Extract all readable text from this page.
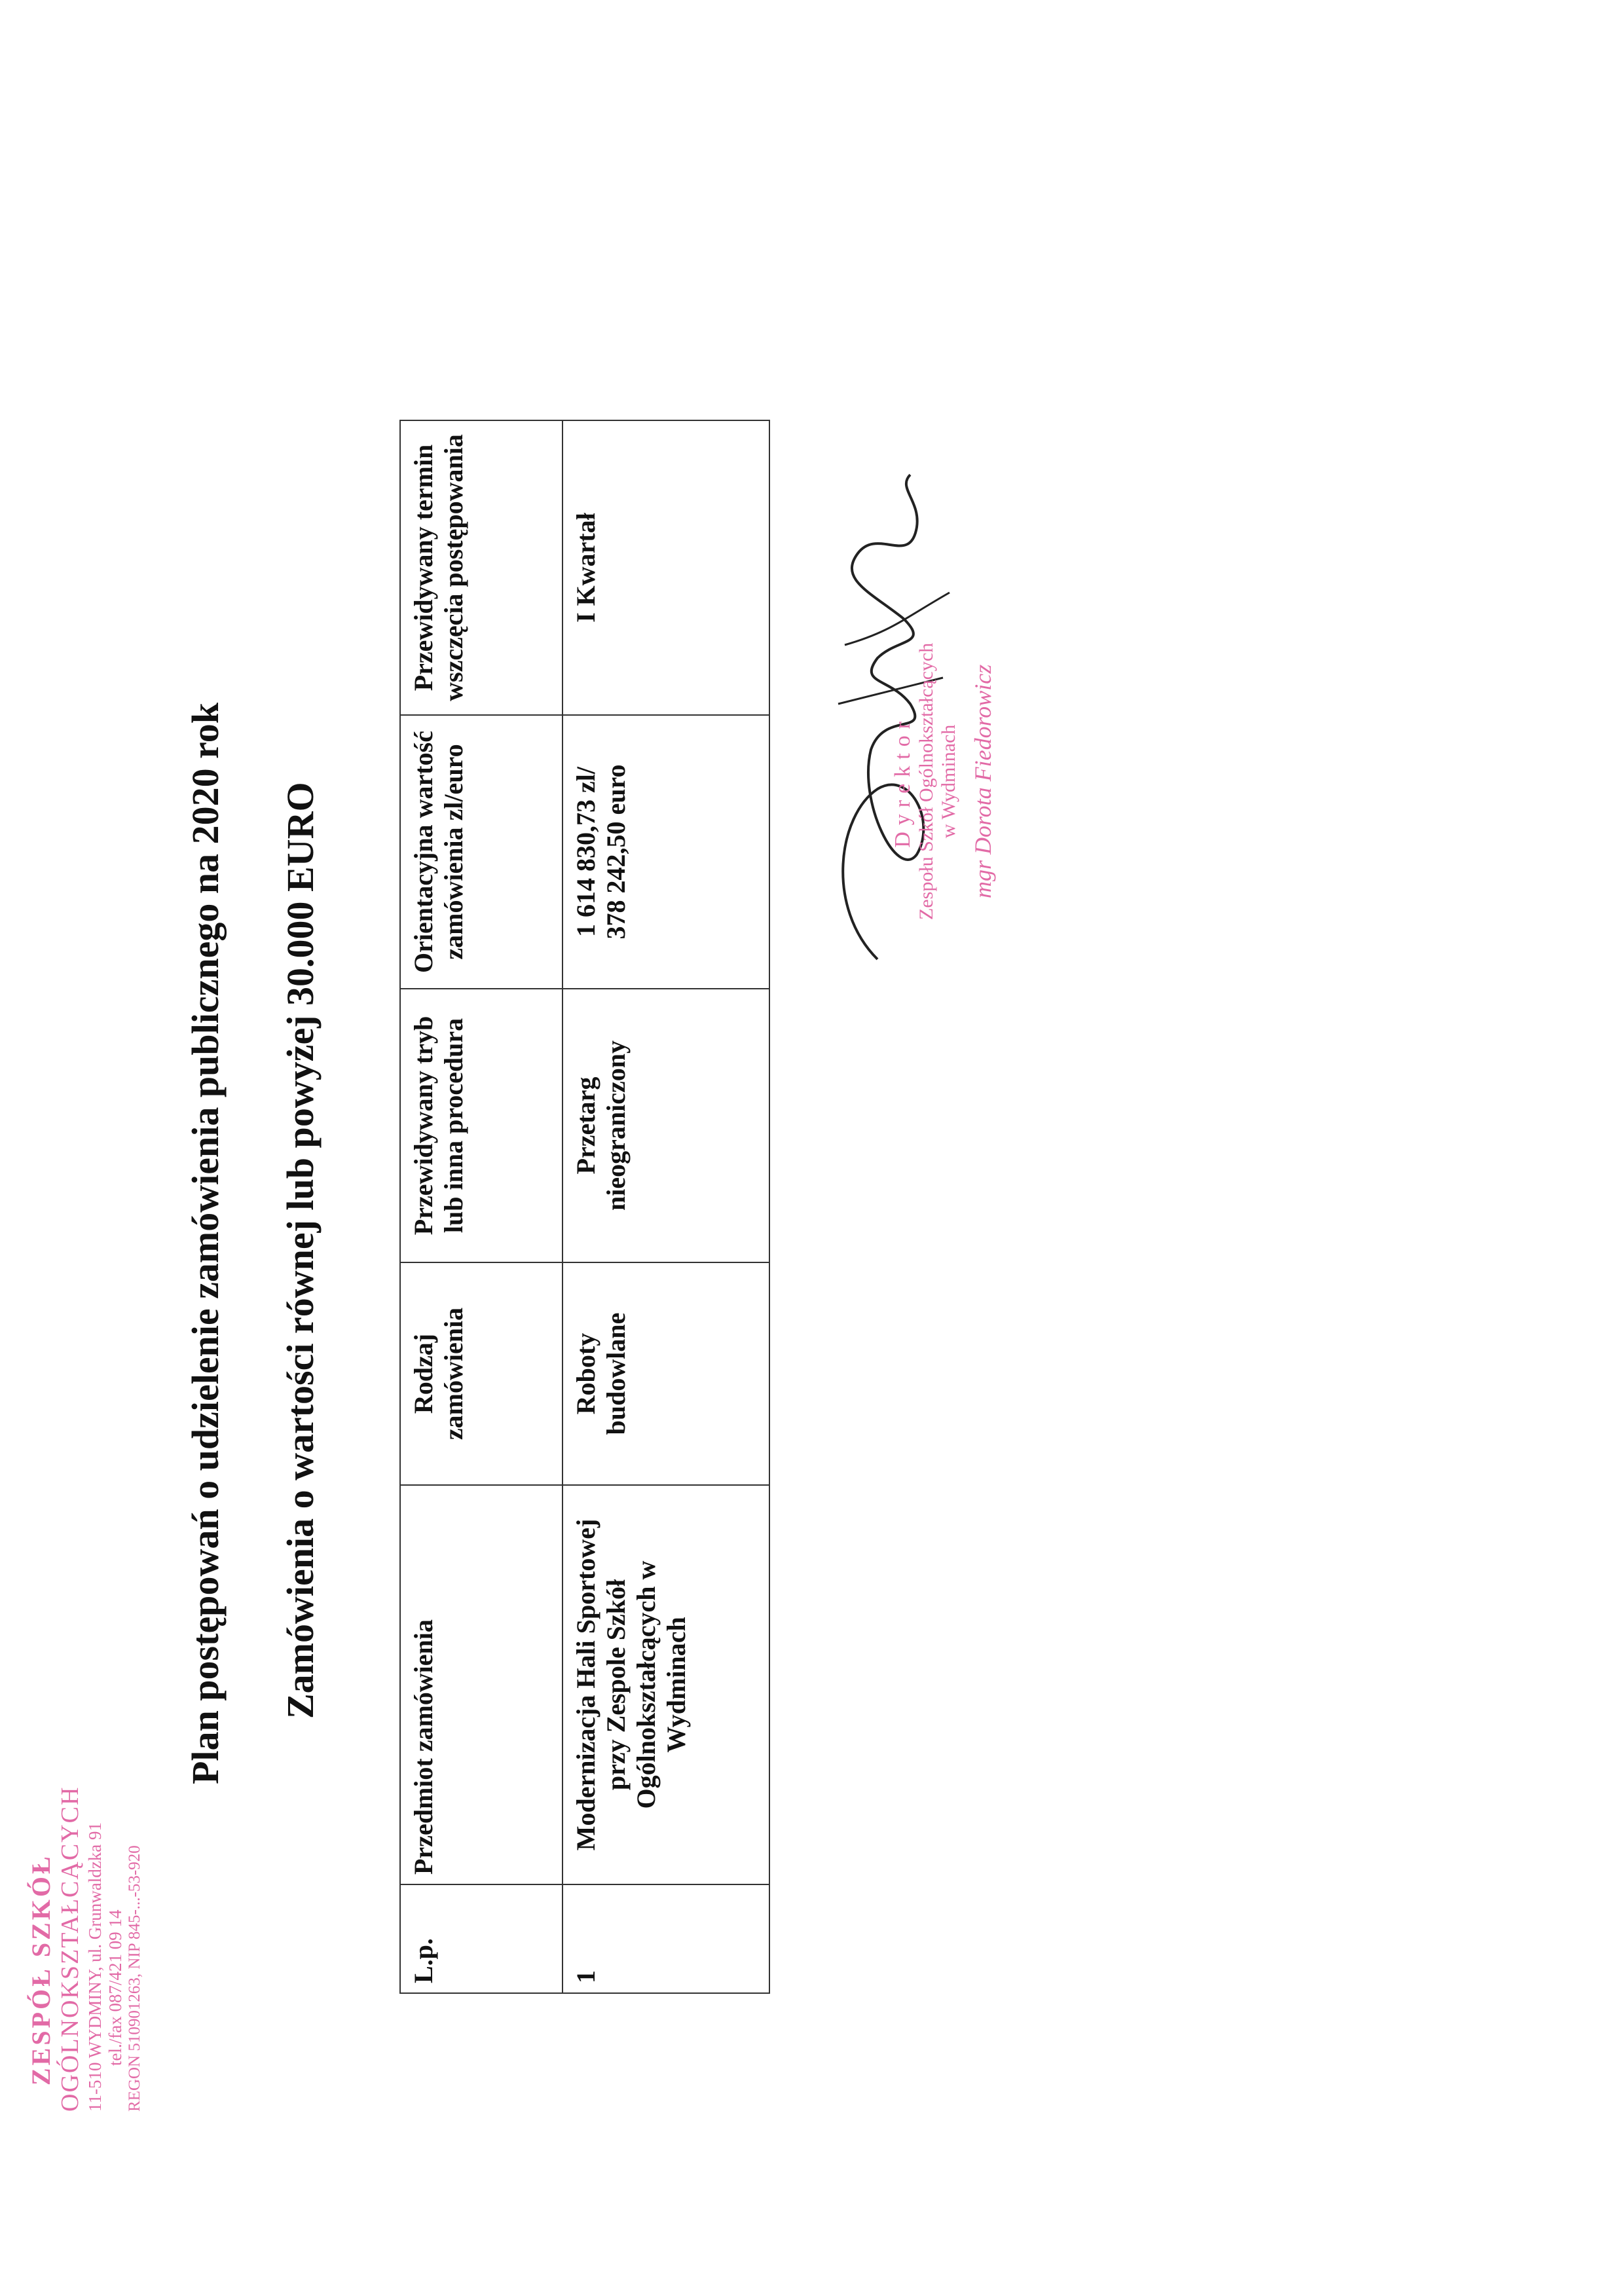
ZESPÓŁ SZKÓŁ OGÓLNOKSZTAŁCĄCYCH 11-510 WYDMINY, ul. Grunwaldzka 91 tel./fax 087/421 09 14 REGON 510901263, NIP 845-...-53-920
Plan postępowań o udzielenie zamówienia publicznego na 2020 rok Zamówienia o wartości równej lub powyżej 30.000 EURO
L.p.	Przedmiot zamówienia	Rodzaj zamówienia	Przewidywany tryb lub inna procedura	Orientacyjna wartość zamówienia zl/euro	Przewidywany termin wszczęcia postępowania
1	Modernizacja Hali Sportowej przy Zespole Szkół Ogólnokształcących w Wydminach	Roboty budowlane	Przetarg nieograniczony	1 614 830,73 zl/ 378 242,50 euro	I Kwartał
Dyrektor Zespołu Szkół Ogólnokształcących w Wydminach mgr Dorota Fiedorowicz
